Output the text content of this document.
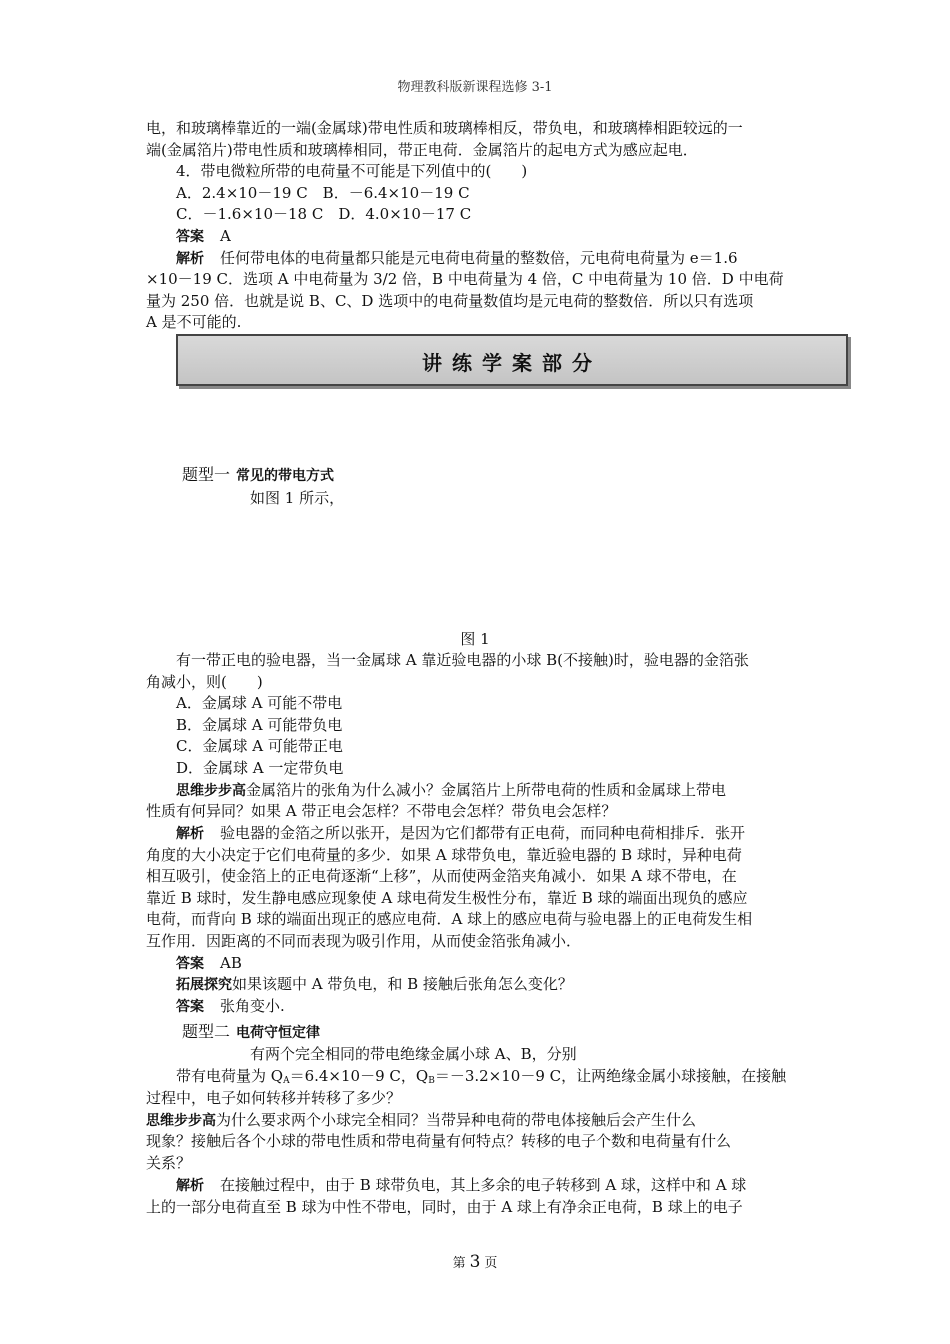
物理教科版新课程选修 3-1
电，和玻璃棒靠近的一端(金属球)带电性质和玻璃棒相反，带负电，和玻璃棒相距较远的一
端(金属箔片)带电性质和玻璃棒相同，带正电荷．金属箔片的起电方式为感应起电．
4．带电微粒所带的电荷量不可能是下列值中的(　　)
A．2.4×10－19 C　B．－6.4×10－19 C
C．－1.6×10－18 C　D．4.0×10－17 C
答案 A
解析 任何带电体的电荷量都只能是元电荷电荷量的整数倍，元电荷电荷量为 e＝1.6
×10－19 C．选项 A 中电荷量为 3/2 倍，B 中电荷量为 4 倍，C 中电荷量为 10 倍．D 中电荷
量为 250 倍．也就是说 B、C、D 选项中的电荷量数值均是元电荷的整数倍．所以只有选项
A 是不可能的.
讲练学案部分
题型一 常见的带电方式
如图 1 所示，
图 1
有一带正电的验电器，当一金属球 A 靠近验电器的小球 B(不接触)时，验电器的金箔张
角减小，则(　　)
A．金属球 A 可能不带电
B．金属球 A 可能带负电
C．金属球 A 可能带正电
D．金属球 A 一定带负电
思维步步高金属箔片的张角为什么减小？金属箔片上所带电荷的性质和金属球上带电
性质有何异同？如果 A 带正电会怎样？不带电会怎样？带负电会怎样？
解析 验电器的金箔之所以张开，是因为它们都带有正电荷，而同种电荷相排斥．张开
角度的大小决定于它们电荷量的多少．如果 A 球带负电，靠近验电器的 B 球时，异种电荷
相互吸引，使金箔上的正电荷逐渐“上移”，从而使两金箔夹角减小．如果 A 球不带电，在
靠近 B 球时，发生静电感应现象使 A 球电荷发生极性分布，靠近 B 球的端面出现负的感应
电荷，而背向 B 球的端面出现正的感应电荷．A 球上的感应电荷与验电器上的正电荷发生相
互作用．因距离的不同而表现为吸引作用，从而使金箔张角减小．
答案 AB
拓展探究如果该题中 A 带负电，和 B 接触后张角怎么变化？
答案 张角变小.
题型二 电荷守恒定律
有两个完全相同的带电绝缘金属小球 A、B，分别
带有电荷量为 $Q_A=6.4\times 10-9$ C，$Q_B=-3.2\times 10-9$ C，让两绝缘金属小球接触，在接触
过程中，电子如何转移并转移了多少？
思维步步高为什么要求两个小球完全相同？当带异种电荷的带电体接触后会产生什么
现象？接触后各个小球的带电性质和带电荷量有何特点？转移的电子个数和电荷量有什么
关系？
解析 在接触过程中，由于 B 球带负电，其上多余的电子转移到 A 球，这样中和 A 球
上的一部分电荷直至 B 球为中性不带电，同时，由于 A 球上有净余正电荷，B 球上的电子
第 3 页
